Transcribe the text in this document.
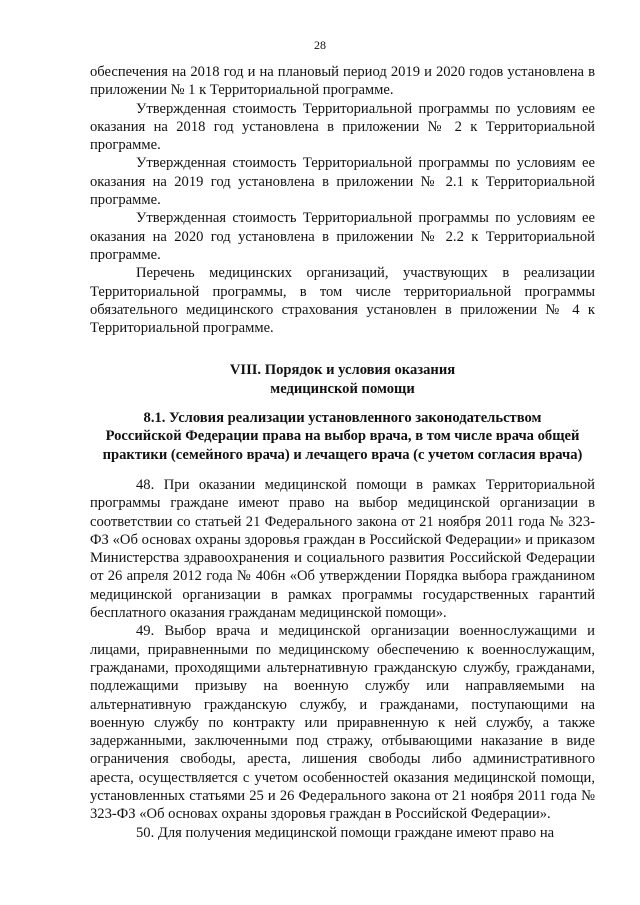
28

обеспечения на 2018 год и на плановый период 2019 и 2020 годов установлена в приложении № 1 к Территориальной программе.

Утвержденная стоимость Территориальной программы по условиям ее оказания на 2018 год установлена в приложении № 2 к Территориальной программе.

Утвержденная стоимость Территориальной программы по условиям ее оказания на 2019 год установлена в приложении № 2.1 к Территориальной программе.

Утвержденная стоимость Территориальной программы по условиям ее оказания на 2020 год установлена в приложении № 2.2 к Территориальной программе.

Перечень медицинских организаций, участвующих в реализации Территориальной программы, в том числе территориальной программы обязательного медицинского страхования установлен в приложении № 4 к Территориальной программе.

VIII. Порядок и условия оказания
медицинской помощи
8.1. Условия реализации установленного законодательством
Российской Федерации права на выбор врача, в том числе врача общей
практики (семейного врача) и лечащего врача (с учетом согласия врача)

48. При оказании медицинской помощи в рамках Территориальной программы граждане имеют право на выбор медицинской организации в соответствии со статьей 21 Федерального закона от 21 ноября 2011 года № 323-ФЗ «Об основах охраны здоровья граждан в Российской Федерации» и приказом Министерства здравоохранения и социального развития Российской Федерации от 26 апреля 2012 года № 406н «Об утверждении Порядка выбора гражданином медицинской организации в рамках программы государственных гарантий бесплатного оказания гражданам медицинской помощи».

49. Выбор врача и медицинской организации военнослужащими и лицами, приравненными по медицинскому обеспечению к военнослужащим, гражданами, проходящими альтернативную гражданскую службу, гражданами, подлежащими призыву на военную службу или направляемыми на альтернативную гражданскую службу, и гражданами, поступающими на военную службу по контракту или приравненную к ней службу, а также задержанными, заключенными под стражу, отбывающими наказание в виде ограничения свободы, ареста, лишения свободы либо административного ареста, осуществляется с учетом особенностей оказания медицинской помощи, установленных статьями 25 и 26 Федерального закона от 21 ноября 2011 года № 323-ФЗ «Об основах охраны здоровья граждан в Российской Федерации».

50. Для получения медицинской помощи граждане имеют право на
